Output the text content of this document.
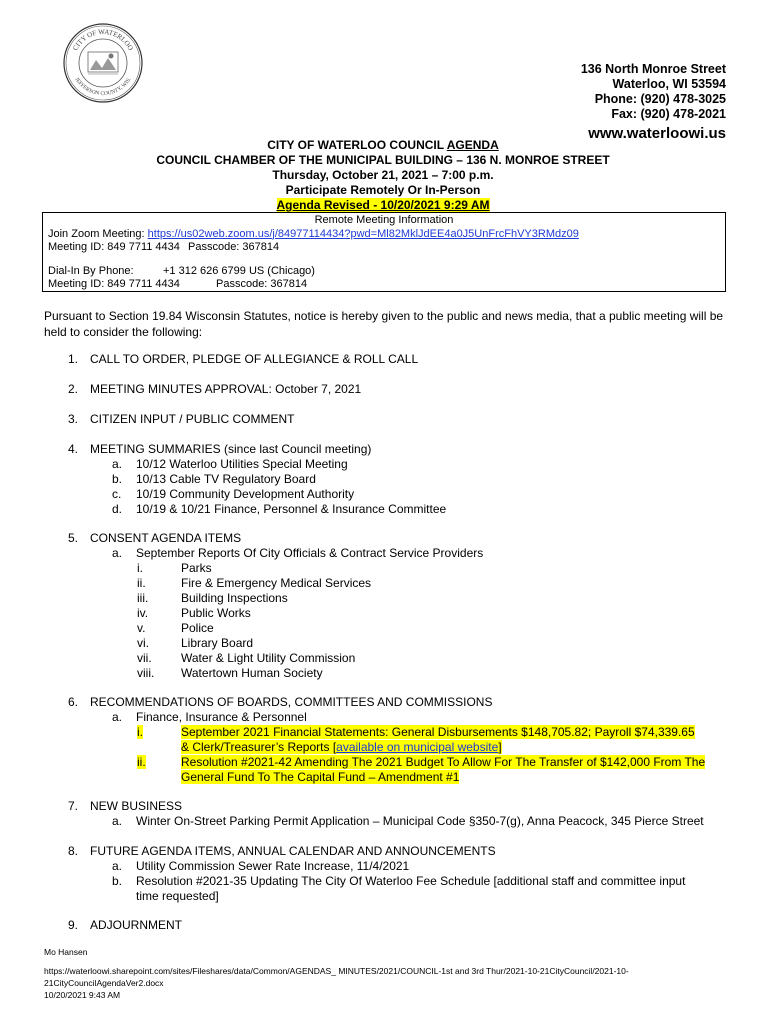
CITY OF WATERLOO
JEFFERSON COUNTY, WIS.
136 North Monroe Street
Waterloo, WI 53594
Phone: (920) 478-3025
Fax: (920) 478-2021
www.waterloowi.us
CITY OF WATERLOO COUNCIL AGENDA
COUNCIL CHAMBER OF THE MUNICIPAL BUILDING – 136 N. MONROE STREET
Thursday, October 21, 2021 – 7:00 p.m.
Participate Remotely Or In-Person
Agenda Revised - 10/20/2021 9:29 AM
Remote Meeting Information
Join Zoom Meeting: https://us02web.zoom.us/j/84977114434?pwd=Ml82MklJdEE4a0J5UnFrcFhVY3RMdz09
Meeting ID: 849 7711 4434 Passcode: 367814
Dial-In By Phone:	+1 312 626 6799 US (Chicago)
Meeting ID: 849 7711 4434	Passcode: 367814
Pursuant to Section 19.84 Wisconsin Statutes, notice is hereby given to the public and news media, that a public meeting will be held to consider the following:
1. CALL TO ORDER, PLEDGE OF ALLEGIANCE & ROLL CALL
2. MEETING MINUTES APPROVAL: October 7, 2021
3. CITIZEN INPUT / PUBLIC COMMENT
4. MEETING SUMMARIES (since last Council meeting)
a. 10/12 Waterloo Utilities Special Meeting
b. 10/13 Cable TV Regulatory Board
c. 10/19 Community Development Authority
d. 10/19 & 10/21 Finance, Personnel & Insurance Committee
5. CONSENT AGENDA ITEMS
a. September Reports Of City Officials & Contract Service Providers
i.	Parks
ii.	Fire & Emergency Medical Services
iii.	Building Inspections
iv.	Public Works
v.	Police
vi.	Library Board
vii.	Water & Light Utility Commission
viii.	Watertown Human Society
6. RECOMMENDATIONS OF BOARDS, COMMITTEES AND COMMISSIONS
a. Finance, Insurance & Personnel
i.	September 2021 Financial Statements: General Disbursements $148,705.82; Payroll $74,339.65
& Clerk/Treasurer’s Reports [available on municipal website]
ii.	Resolution #2021-42 Amending The 2021 Budget To Allow For The Transfer of $142,000 From The
General Fund To The Capital Fund – Amendment #1
7. NEW BUSINESS
a. Winter On-Street Parking Permit Application – Municipal Code §350-7(g), Anna Peacock, 345 Pierce Street
8. FUTURE AGENDA ITEMS, ANNUAL CALENDAR AND ANNOUNCEMENTS
a. Utility Commission Sewer Rate Increase, 11/4/2021
b. Resolution #2021-35 Updating The City Of Waterloo Fee Schedule [additional staff and committee input
time requested]
9. ADJOURNMENT
Mo Hansen
https://waterloowi.sharepoint.com/sites/Fileshares/data/Common/AGENDAS_ MINUTES/2021/COUNCIL-1st and 3rd Thur/2021-10-21CityCouncil/2021-10-
21CityCouncilAgendaVer2.docx
10/20/2021 9:43 AM
